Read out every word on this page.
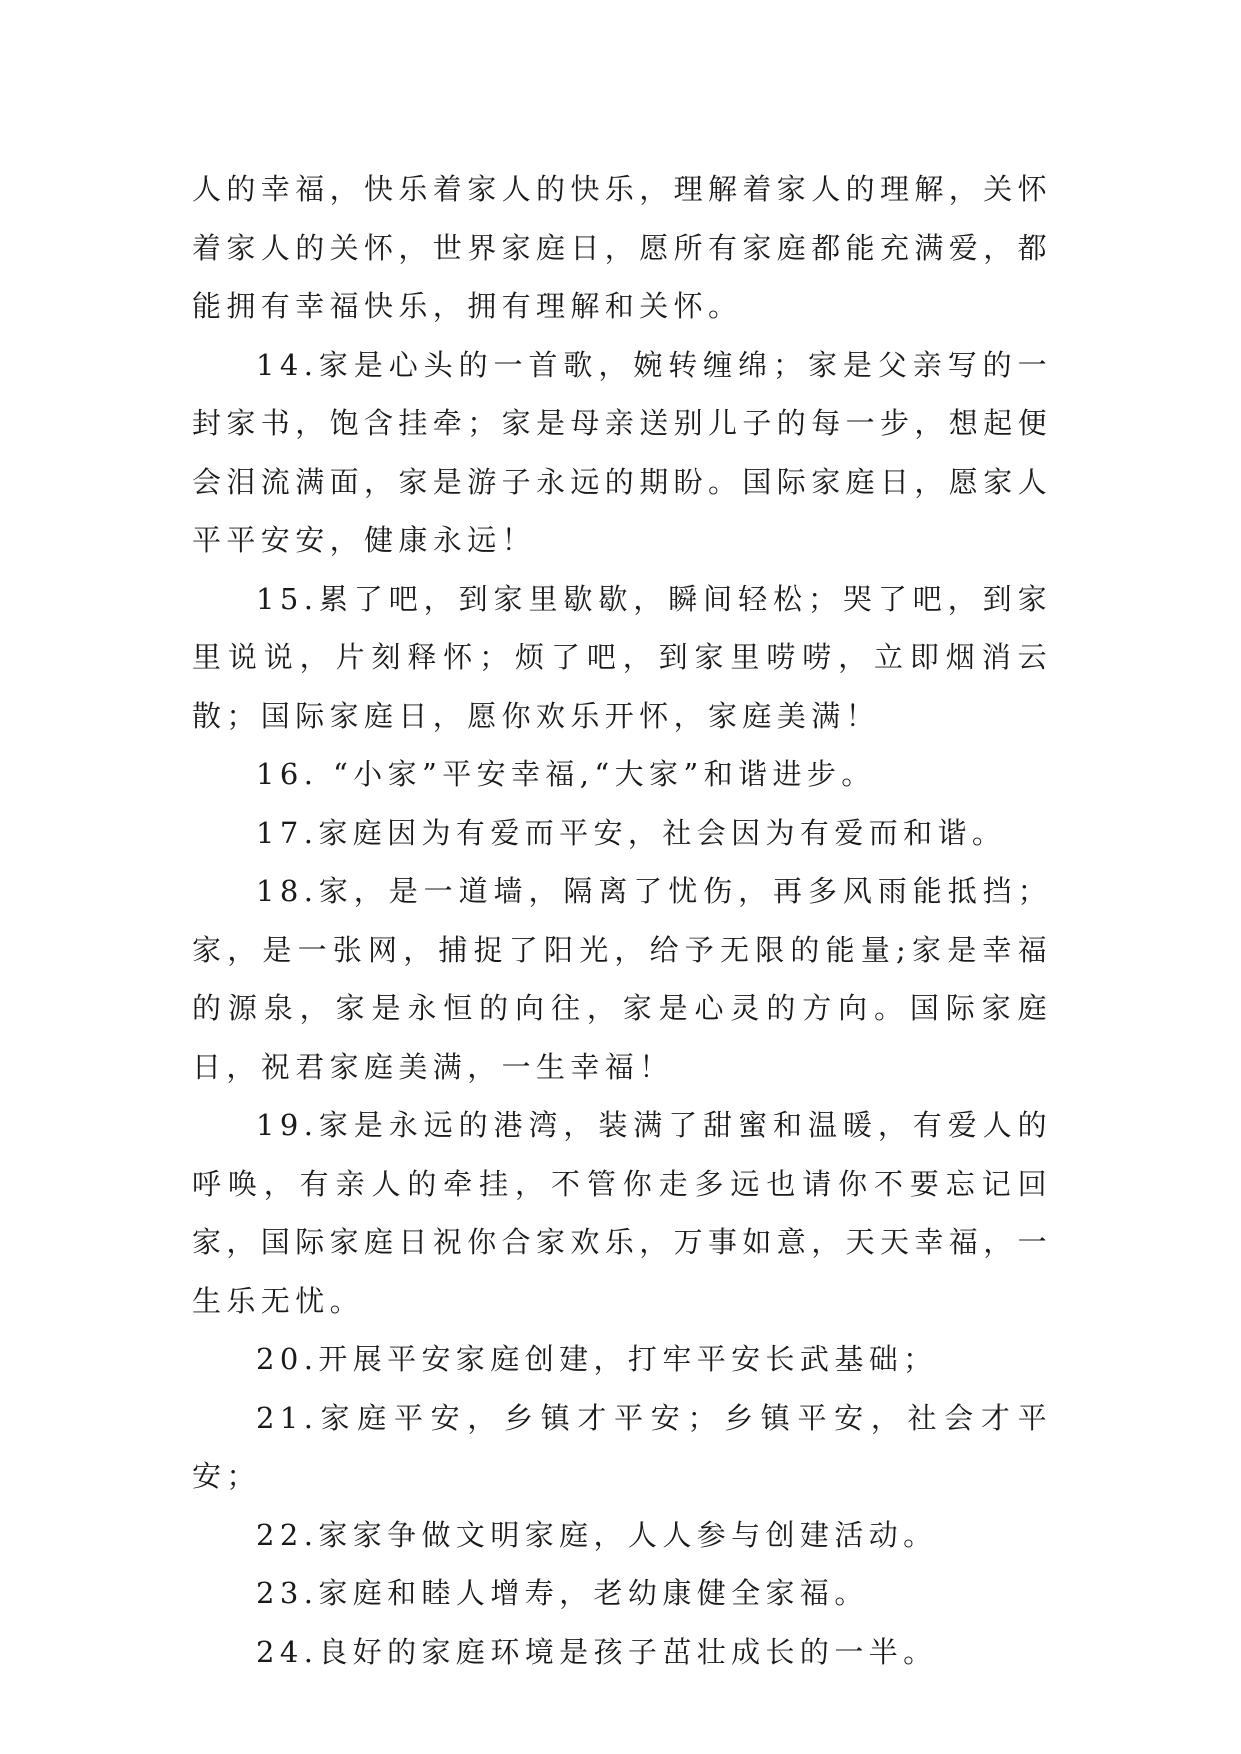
人的幸福，快乐着家人的快乐，理解着家人的理解，关怀着家人的关怀，世界家庭日，愿所有家庭都能充满爱，都能拥有幸福快乐，拥有理解和关怀。

14.家是心头的一首歌，婉转缠绵；家是父亲写的一封家书，饱含挂牵；家是母亲送别儿子的每一步，想起便会泪流满面，家是游子永远的期盼。国际家庭日，愿家人平平安安，健康永远！

15.累了吧，到家里歇歇，瞬间轻松；哭了吧，到家里说说，片刻释怀；烦了吧，到家里唠唠，立即烟消云散；国际家庭日，愿你欢乐开怀，家庭美满！

16. “小家”平安幸福,“大家”和谐进步。

17.家庭因为有爱而平安，社会因为有爱而和谐。

18.家，是一道墙，隔离了忧伤，再多风雨能抵挡；家，是一张网，捕捉了阳光，给予无限的能量;家是幸福的源泉，家是永恒的向往，家是心灵的方向。国际家庭日，祝君家庭美满，一生幸福！

19.家是永远的港湾，装满了甜蜜和温暖，有爱人的呼唤，有亲人的牵挂，不管你走多远也请你不要忘记回家，国际家庭日祝你合家欢乐，万事如意，天天幸福，一生乐无忧。

20.开展平安家庭创建，打牢平安长武基础；

21.家庭平安，乡镇才平安；乡镇平安，社会才平安；

22.家家争做文明家庭，人人参与创建活动。

23.家庭和睦人增寿，老幼康健全家福。

24.良好的家庭环境是孩子茁壮成长的一半。
